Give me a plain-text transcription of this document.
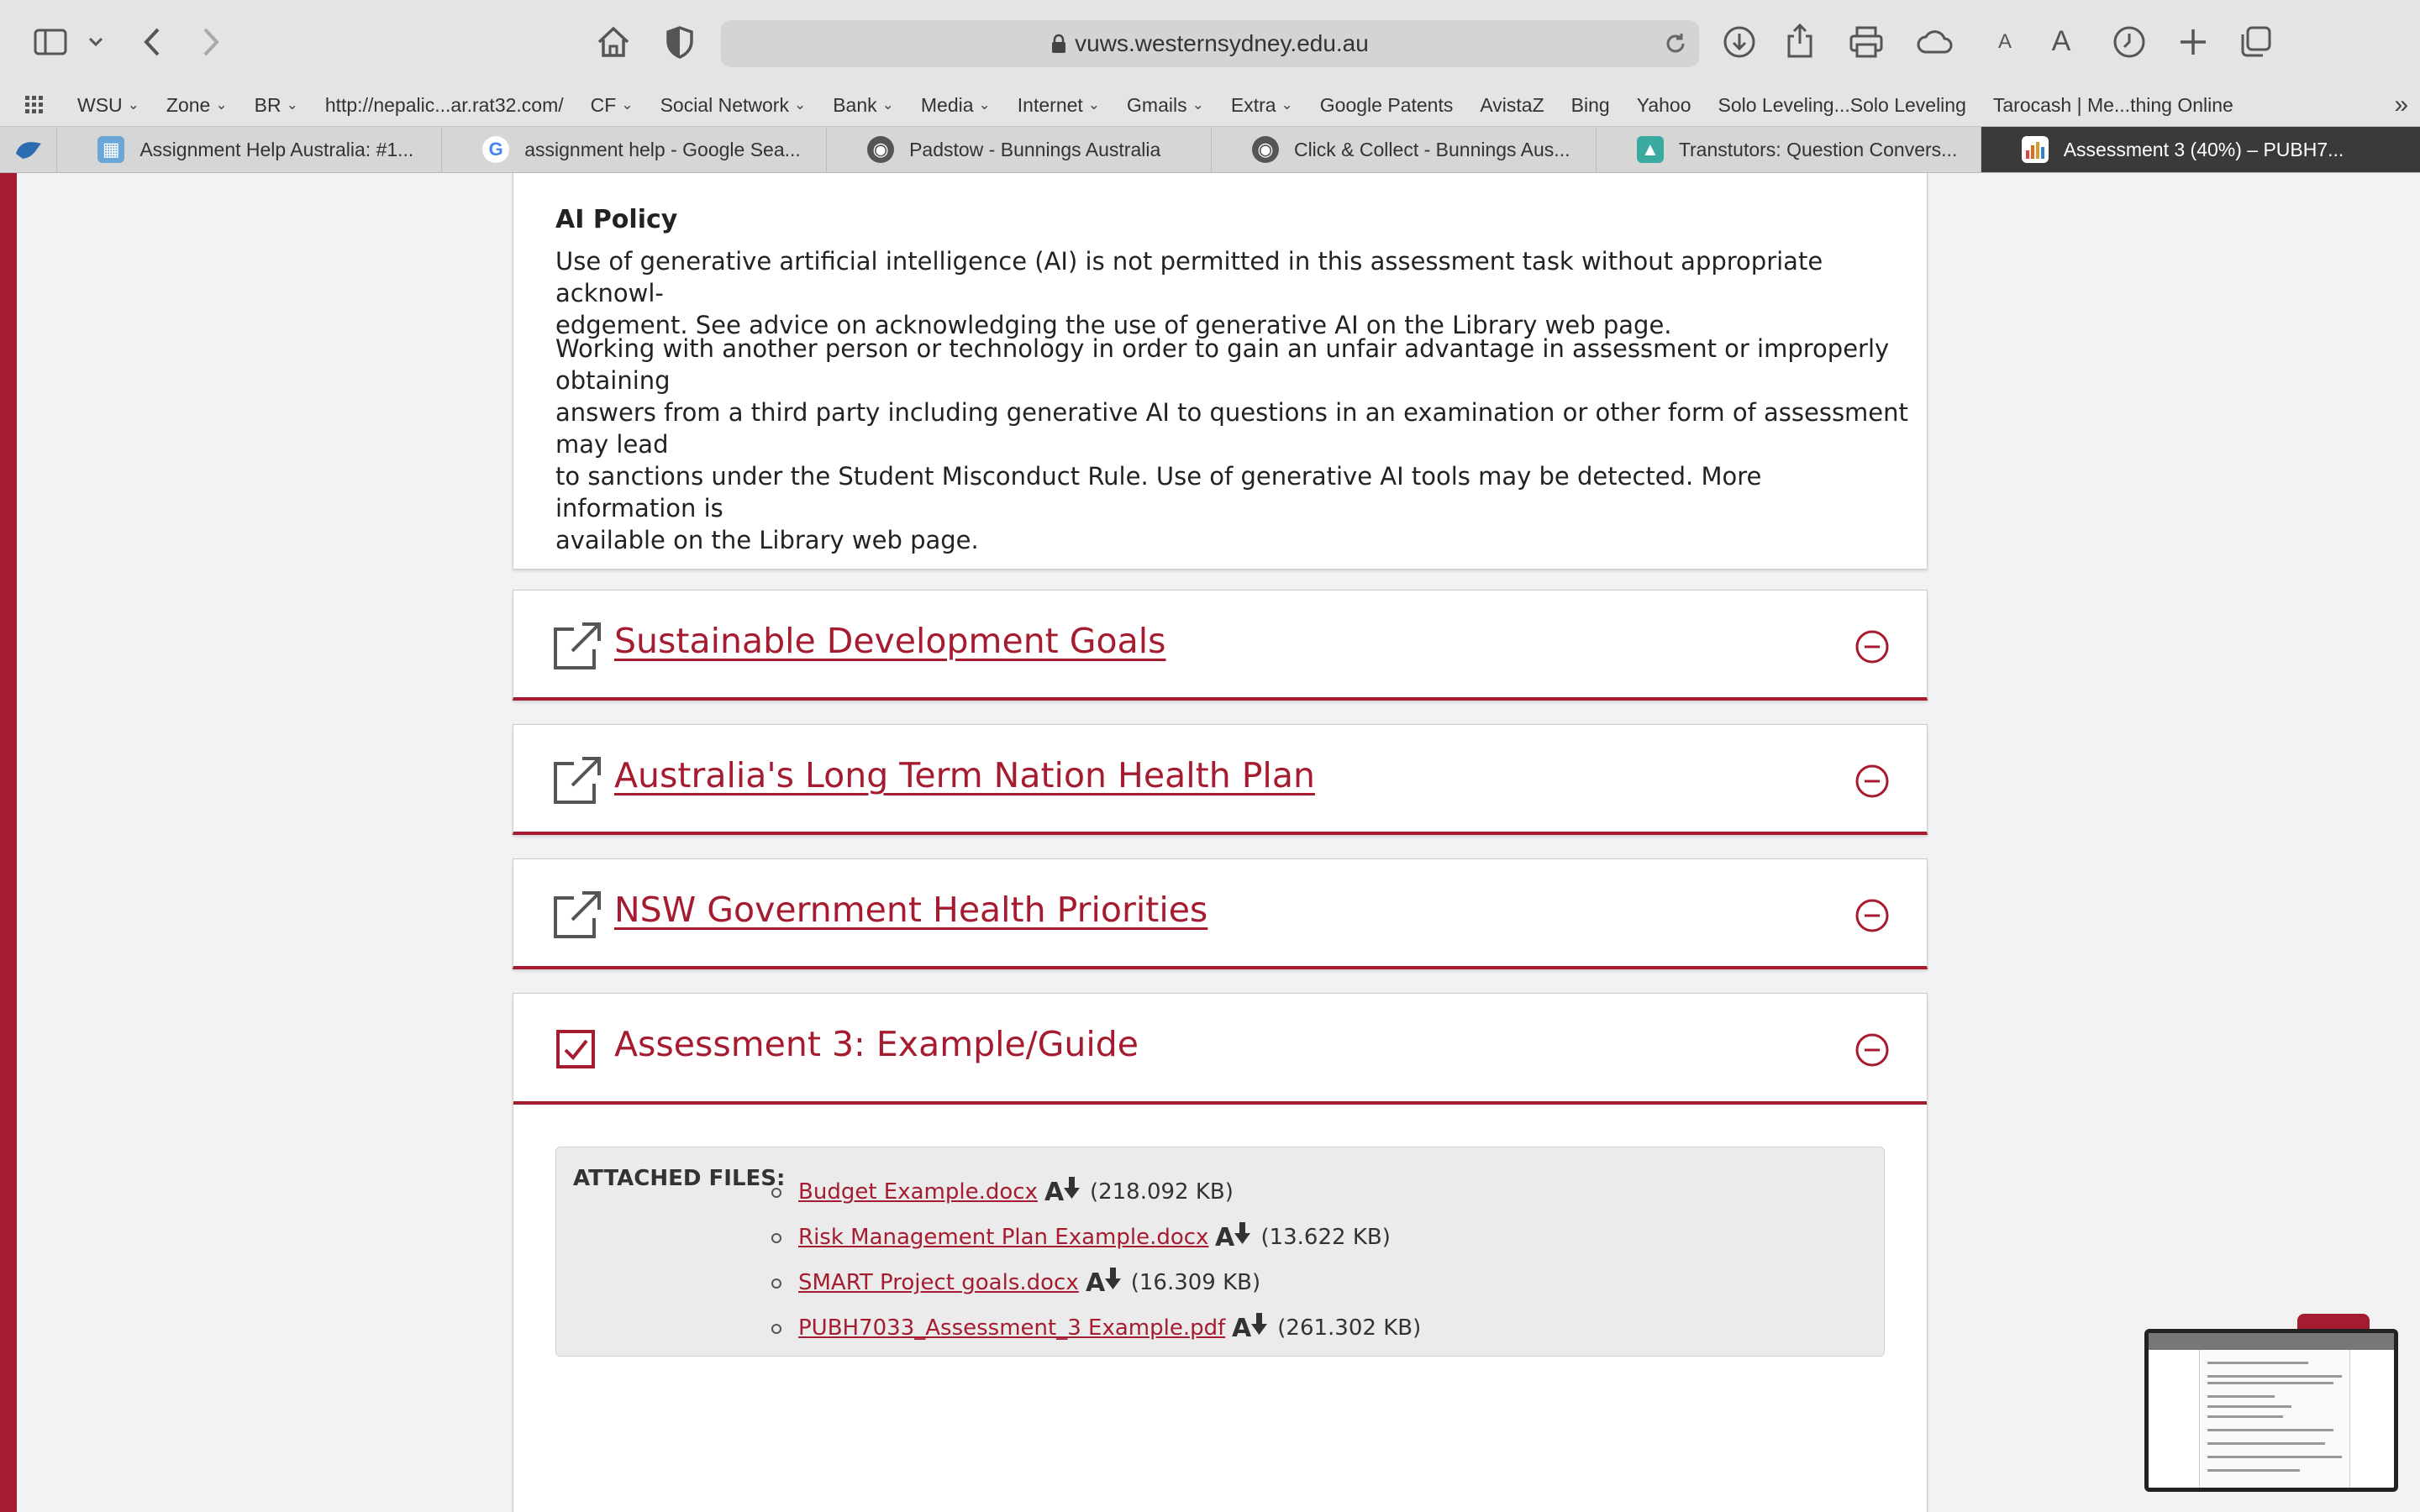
vuws.westernsydney.edu.au	A A
WSU ⌄ Zone ⌄ BR ⌄ http://nepalic...ar.rat32.com/ CF ⌄ Social Network ⌄ Bank ⌄ Media ⌄ Internet ⌄ Gmails ⌄ Extra ⌄ Google Patents AvistaZ Bing Yahoo Solo Leveling...Solo Leveling Tarocash | Me...thing Online	»
▦ Assignment Help Australia: #1...	G	assignment help - Google Sea...	◉ Padstow - Bunnings Australia	◉ Click & Collect - Bunnings Aus...	▲ Transtutors: Question Convers...	Assessment 3 (40%) – PUBH7...
AI Policy
Use of generative artificial intelligence (AI) is not permitted in this assessment task without appropriate acknowl-
edgement. See advice on acknowledging the use of generative AI on the Library web page.
Working with another person or technology in order to gain an unfair advantage in assessment or improperly obtaining
answers from a third party including generative AI to questions in an examination or other form of assessment may lead
to sanctions under the Student Misconduct Rule. Use of generative AI tools may be detected. More information is
available on the Library web page.
Sustainable Development Goals
Australia's Long Term Nation Health Plan
NSW Government Health Priorities
Assessment 3: Example/Guide
ATTACHED FILES:
Budget Example.docx A (218.092 KB)
Risk Management Plan Example.docx A (13.622 KB)
SMART Project goals.docx A (16.309 KB)
PUBH7033_Assessment_3 Example.pdf A (261.302 KB)
